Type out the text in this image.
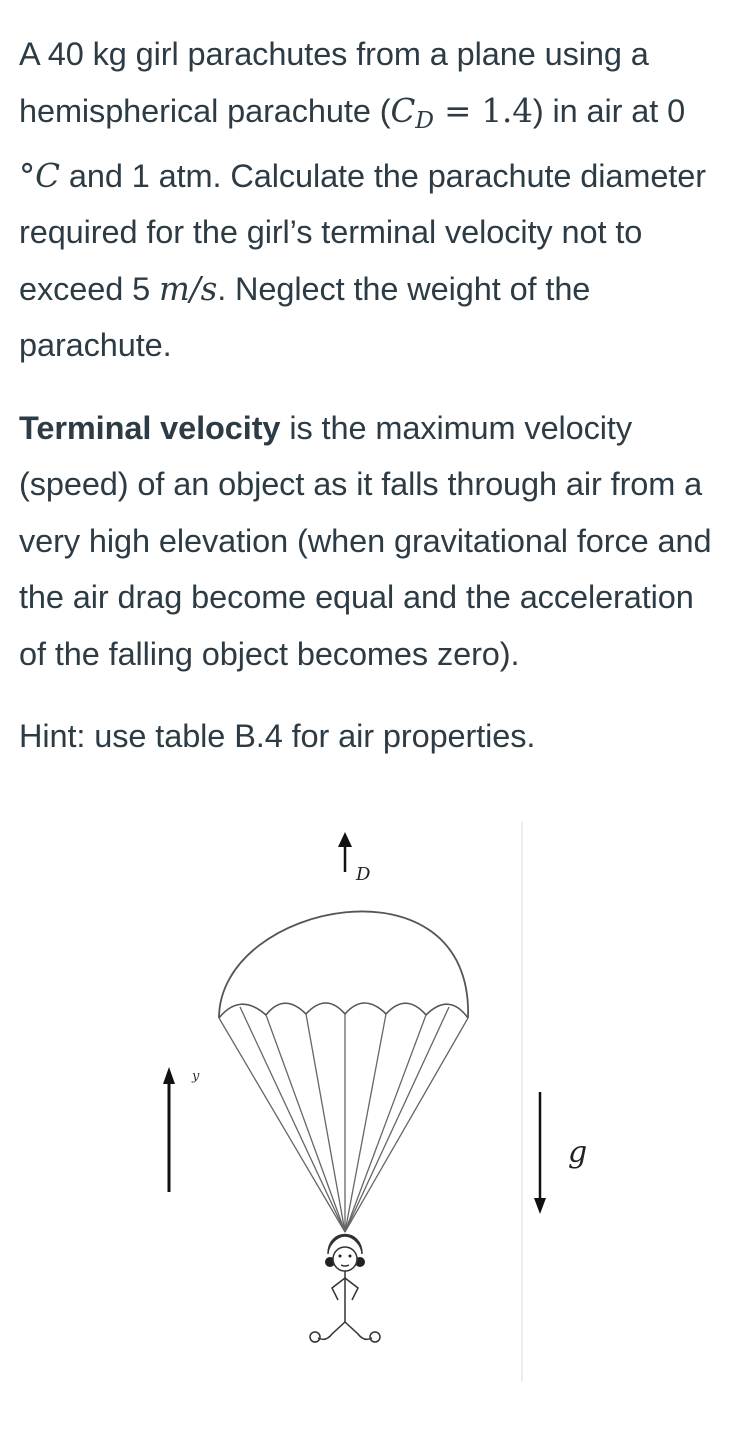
A 40 kg girl parachutes from a plane using a hemispherical parachute $(C_D = 1.4)$ in air at 0 °C and 1 atm. Calculate the parachute diameter required for the girl’s terminal velocity not to exceed 5 m/s. Neglect the weight of the parachute.

Terminal velocity is the maximum velocity (speed) of an object as it falls through air from a very high elevation (when gravitational force and the air drag become equal and the acceleration of the falling object becomes zero).

Hint: use table B.4 for air properties.

D
y
g
